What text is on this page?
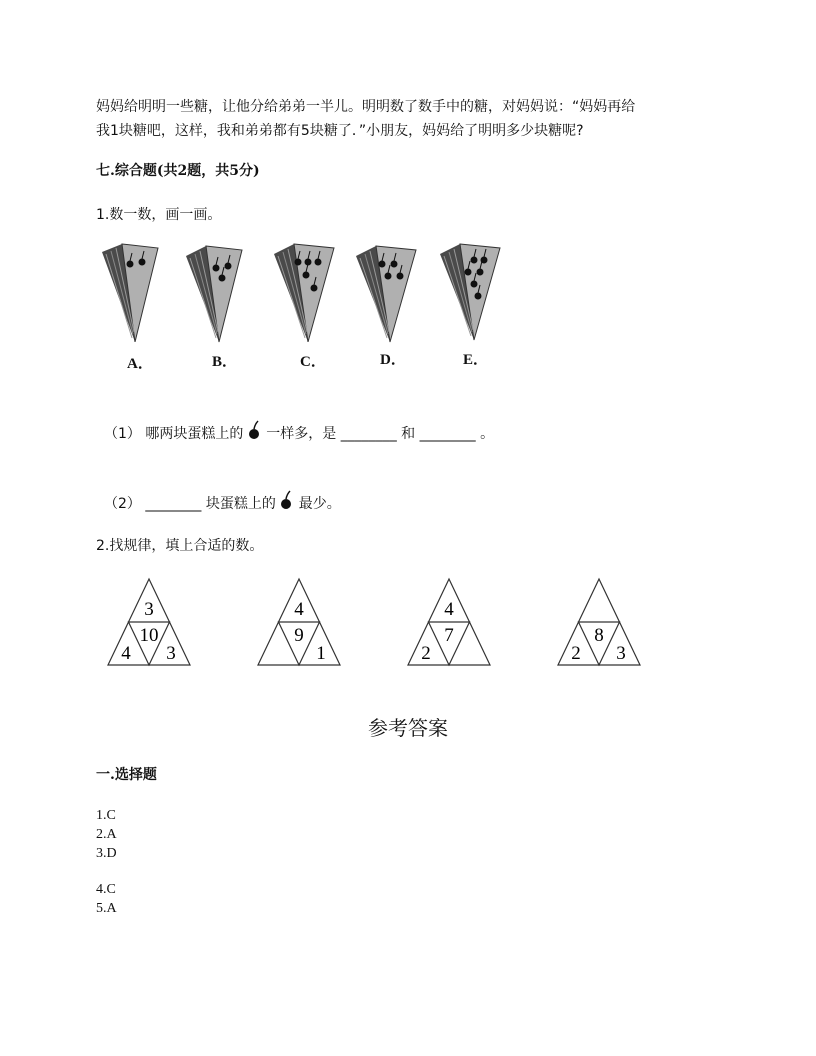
妈妈给明明一些糖，让他分给弟弟一半儿。明明数了数手中的糖，对妈妈说：“妈妈再给
我1块糖吧，这样，我和弟弟都有5块糖了．”小朋友，妈妈给了明明多少块糖呢?
七.综合题(共2题，共5分)
1.数一数，画一画。
A．	B．	C．	D．	E．
（1） 哪两块蛋糕上的 一样多，是 ________ 和 ________ 。
（2） ________ 块蛋糕上的 最少。
2.找规律，填上合适的数。
3
10
4 3
4
9
1
4
7
2
8
2 3
参考答案
一.选择题
1.C
2.A
3.D
4.C
5.A
